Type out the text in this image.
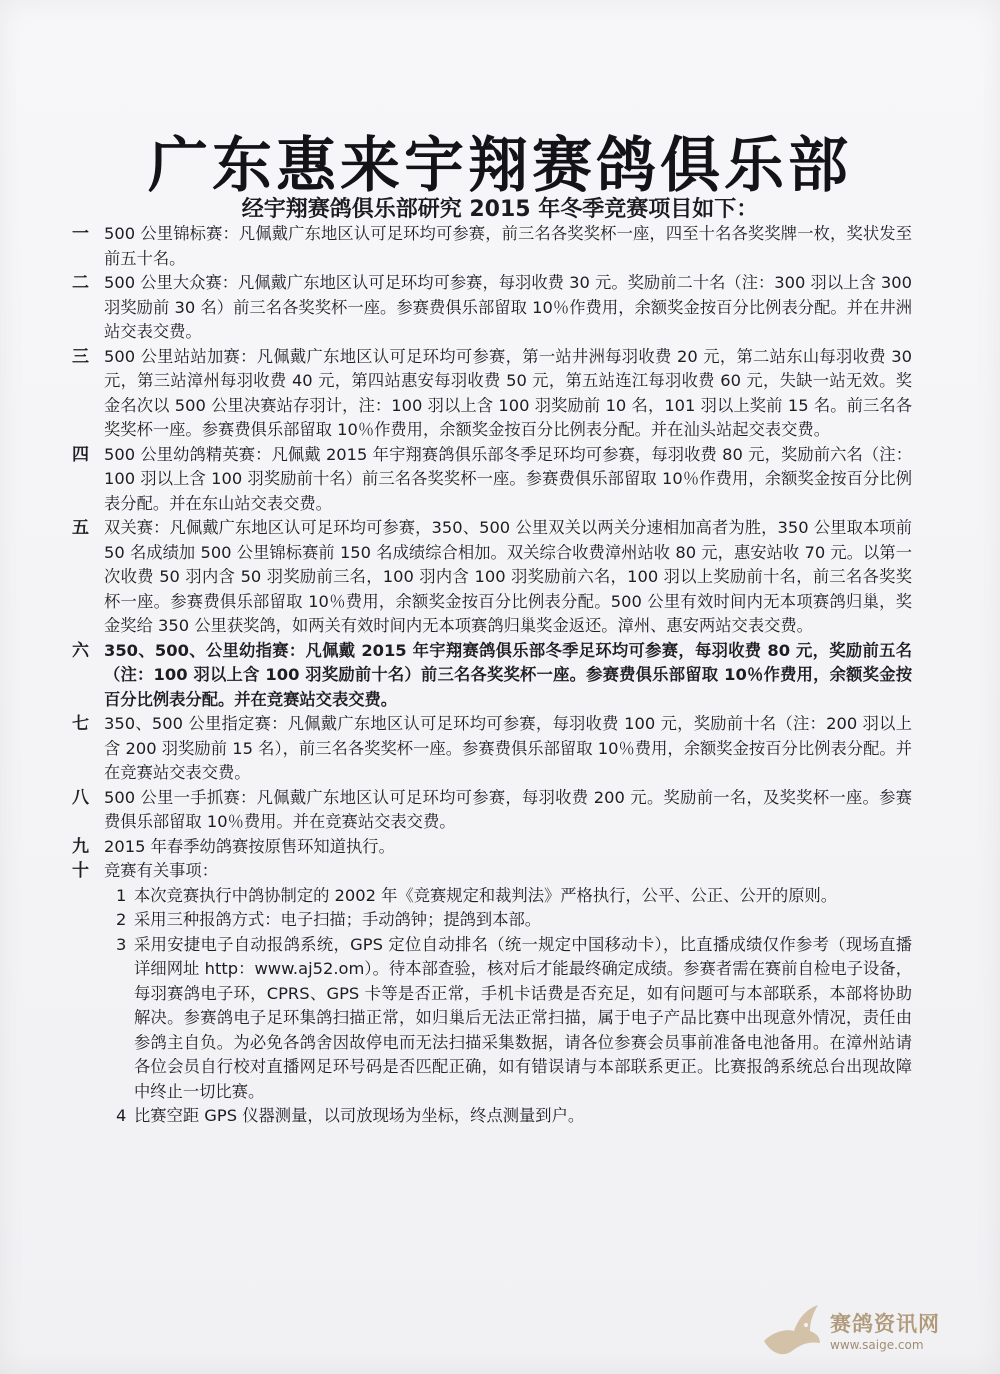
广东惠来宇翔赛鸽俱乐部
经宇翔赛鸽俱乐部研究 2015 年冬季竞赛项目如下：
一 500 公里锦标赛：凡佩戴广东地区认可足环均可参赛，前三名各奖奖杯一座，四至十名各奖奖牌一枚，奖状发至前五十名。
二 500 公里大众赛：凡佩戴广东地区认可足环均可参赛，每羽收费 30 元。奖励前二十名（注：300 羽以上含 300 羽奖励前 30 名）前三名各奖奖杯一座。参赛费俱乐部留取 10％作费用，余额奖金按百分比例表分配。并在井洲站交表交费。
三 500 公里站站加赛：凡佩戴广东地区认可足环均可参赛，第一站井洲每羽收费 20 元，第二站东山每羽收费 30 元，第三站漳州每羽收费 40 元，第四站惠安每羽收费 50 元，第五站连江每羽收费 60 元，失缺一站无效。奖金名次以 500 公里决赛站存羽计，注：100 羽以上含 100 羽奖励前 10 名，101 羽以上奖前 15 名。前三名各奖奖杯一座。参赛费俱乐部留取 10％作费用，余额奖金按百分比例表分配。并在汕头站起交表交费。
四 500 公里幼鸽精英赛：凡佩戴 2015 年宇翔赛鸽俱乐部冬季足环均可参赛，每羽收费 80 元，奖励前六名（注：100 羽以上含 100 羽奖励前十名）前三名各奖奖杯一座。参赛费俱乐部留取 10％作费用，余额奖金按百分比例表分配。并在东山站交表交费。
五 双关赛：凡佩戴广东地区认可足环均可参赛，350、500 公里双关以两关分速相加高者为胜，350 公里取本项前 50 名成绩加 500 公里锦标赛前 150 名成绩综合相加。双关综合收费漳州站收 80 元，惠安站收 70 元。以第一次收费 50 羽内含 50 羽奖励前三名，100 羽内含 100 羽奖励前六名，100 羽以上奖励前十名，前三名各奖奖杯一座。参赛费俱乐部留取 10％费用，余额奖金按百分比例表分配。500 公里有效时间内无本项赛鸽归巢，奖金奖给 350 公里获奖鸽，如两关有效时间内无本项赛鸽归巢奖金返还。漳州、惠安两站交表交费。
六 350、500、公里幼指赛：凡佩戴 2015 年宇翔赛鸽俱乐部冬季足环均可参赛，每羽收费 80 元，奖励前五名（注：100 羽以上含 100 羽奖励前十名）前三名各奖奖杯一座。参赛费俱乐部留取 10％作费用，余额奖金按百分比例表分配。并在竞赛站交表交费。
七 350、500 公里指定赛：凡佩戴广东地区认可足环均可参赛，每羽收费 100 元，奖励前十名（注：200 羽以上含 200 羽奖励前 15 名），前三名各奖奖杯一座。参赛费俱乐部留取 10％费用，余额奖金按百分比例表分配。并在竞赛站交表交费。
八 500 公里一手抓赛：凡佩戴广东地区认可足环均可参赛，每羽收费 200 元。奖励前一名，及奖奖杯一座。参赛费俱乐部留取 10％费用。并在竞赛站交表交费。
九 2015 年春季幼鸽赛按原售环知道执行。
十 竞赛有关事项：
1 本次竞赛执行中鸽协制定的 2002 年《竞赛规定和裁判法》严格执行，公平、公正、公开的原则。
2 采用三种报鸽方式：电子扫描；手动鸽钟；提鸽到本部。
3 采用安捷电子自动报鸽系统，GPS 定位自动排名（统一规定中国移动卡），比直播成绩仅作参考（现场直播详细网址 http：www.aj52.om）。待本部查验，核对后才能最终确定成绩。参赛者需在赛前自检电子设备，每羽赛鸽电子环，CPRS、GPS 卡等是否正常，手机卡话费是否充足，如有问题可与本部联系，本部将协助解决。参赛鸽电子足环集鸽扫描正常，如归巢后无法正常扫描，属于电子产品比赛中出现意外情况，责任由参鸽主自负。为必免各鸽舍因故停电而无法扫描采集数据，请各位参赛会员事前准备电池备用。在漳州站请各位会员自行校对直播网足环号码是否匹配正确，如有错误请与本部联系更正。比赛报鸽系统总台出现故障中终止一切比赛。
4 比赛空距 GPS 仪器测量，以司放现场为坐标，终点测量到户。
赛鸽资讯网
www.saige.com
